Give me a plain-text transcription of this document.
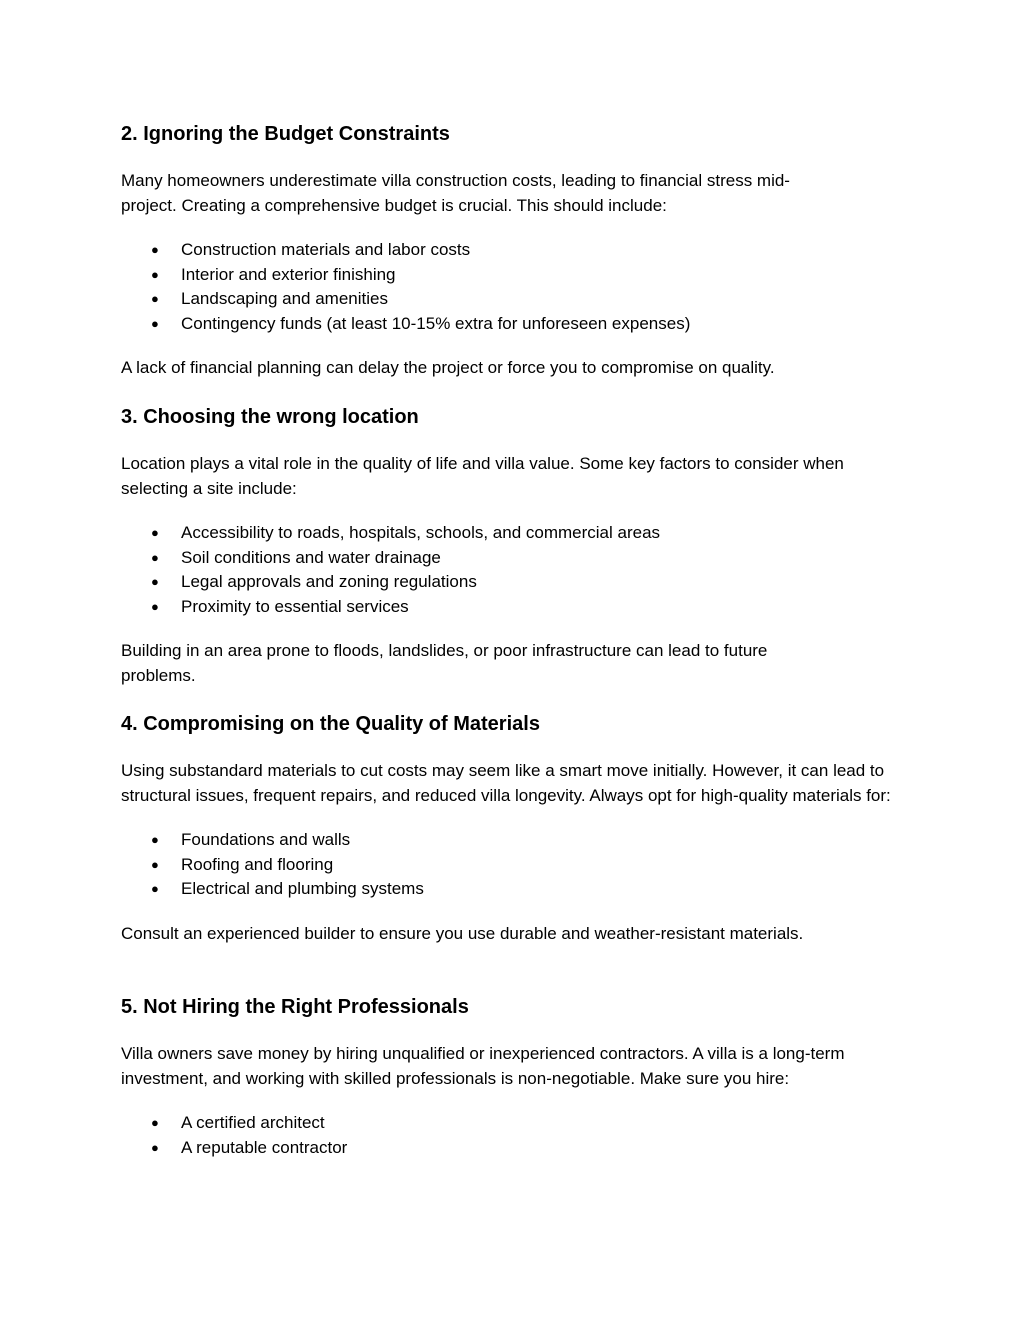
2. Ignoring the Budget Constraints

Many homeowners underestimate villa construction costs, leading to financial stress mid-project. Creating a comprehensive budget is crucial. This should include:

● Construction materials and labor costs
● Interior and exterior finishing
● Landscaping and amenities
● Contingency funds (at least 10-15% extra for unforeseen expenses)

A lack of financial planning can delay the project or force you to compromise on quality.

3. Choosing the wrong location

Location plays a vital role in the quality of life and villa value. Some key factors to consider when selecting a site include:

● Accessibility to roads, hospitals, schools, and commercial areas
● Soil conditions and water drainage
● Legal approvals and zoning regulations
● Proximity to essential services

Building in an area prone to floods, landslides, or poor infrastructure can lead to future problems.

4. Compromising on the Quality of Materials

Using substandard materials to cut costs may seem like a smart move initially. However, it can lead to structural issues, frequent repairs, and reduced villa longevity. Always opt for high-quality materials for:

● Foundations and walls
● Roofing and flooring
● Electrical and plumbing systems

Consult an experienced builder to ensure you use durable and weather-resistant materials.

5. Not Hiring the Right Professionals

Villa owners save money by hiring unqualified or inexperienced contractors. A villa is a long-term investment, and working with skilled professionals is non-negotiable. Make sure you hire:

● A certified architect
● A reputable contractor
